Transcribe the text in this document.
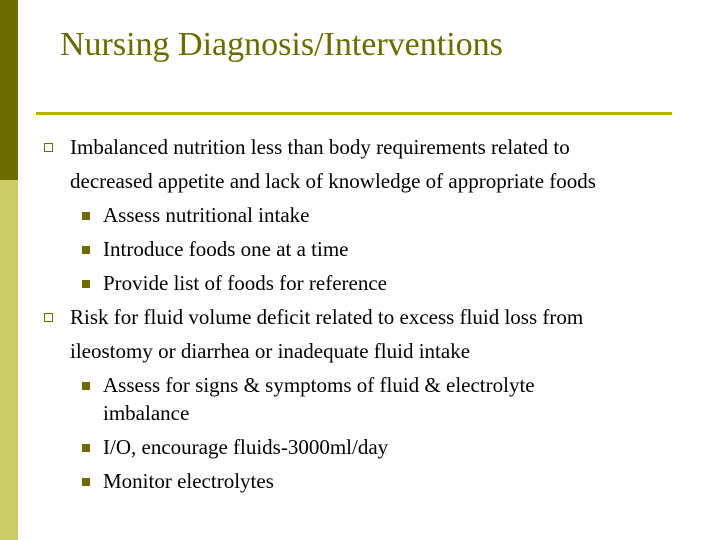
Nursing Diagnosis/Interventions
Imbalanced nutrition less than body requirements related to
decreased appetite and lack of knowledge of appropriate foods
Assess nutritional intake
Introduce foods one at a time
Provide list of foods for reference
Risk for fluid volume deficit related to excess fluid loss from
ileostomy or diarrhea or inadequate fluid intake
Assess for signs & symptoms of fluid & electrolyte
imbalance
I/O, encourage fluids-3000ml/day
Monitor electrolytes
